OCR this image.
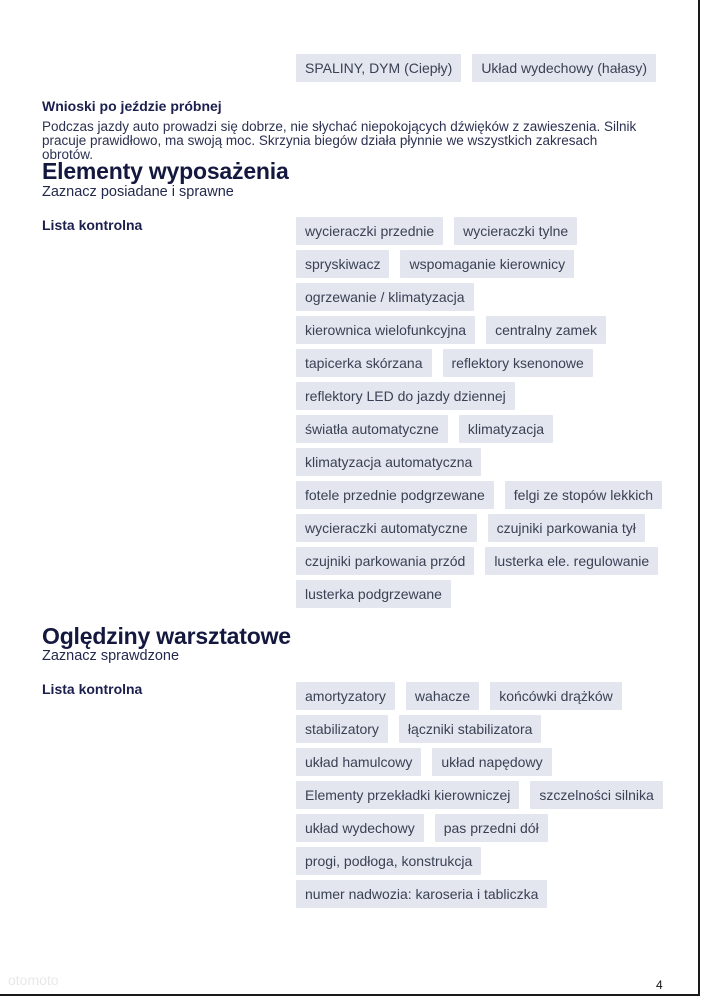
SPALINY, DYM (Ciepły)	Układ wydechowy (hałasy)
Wnioski po jeździe próbnej
Podczas jazdy auto prowadzi się dobrze, nie słychać niepokojących dźwięków z zawieszenia. Silnik
pracuje prawidłowo, ma swoją moc. Skrzynia biegów działa płynnie we wszystkich zakresach obrotów.
Elementy wyposażenia
Zaznacz posiadane i sprawne
Lista kontrolna	wycieraczki przednie	wycieraczki tylne
spryskiwacz	wspomaganie kierownicy
ogrzewanie / klimatyzacja
kierownica wielofunkcyjna	centralny zamek
tapicerka skórzana	reflektory ksenonowe
reflektory LED do jazdy dziennej
światła automatyczne	klimatyzacja
klimatyzacja automatyczna
fotele przednie podgrzewane	felgi ze stopów lekkich
wycieraczki automatyczne	czujniki parkowania tył
czujniki parkowania przód	lusterka ele. regulowanie
lusterka podgrzewane
Oględziny warsztatowe
Zaznacz sprawdzone
Lista kontrolna	amortyzatory	wahacze	końcówki drążków
stabilizatory	łączniki stabilizatora
układ hamulcowy	układ napędowy
Elementy przekładki kierowniczej	szczelności silnika
układ wydechowy	pas przedni dół
progi, podłoga, konstrukcja
numer nadwozia: karoseria i tabliczka
otomoto	4
